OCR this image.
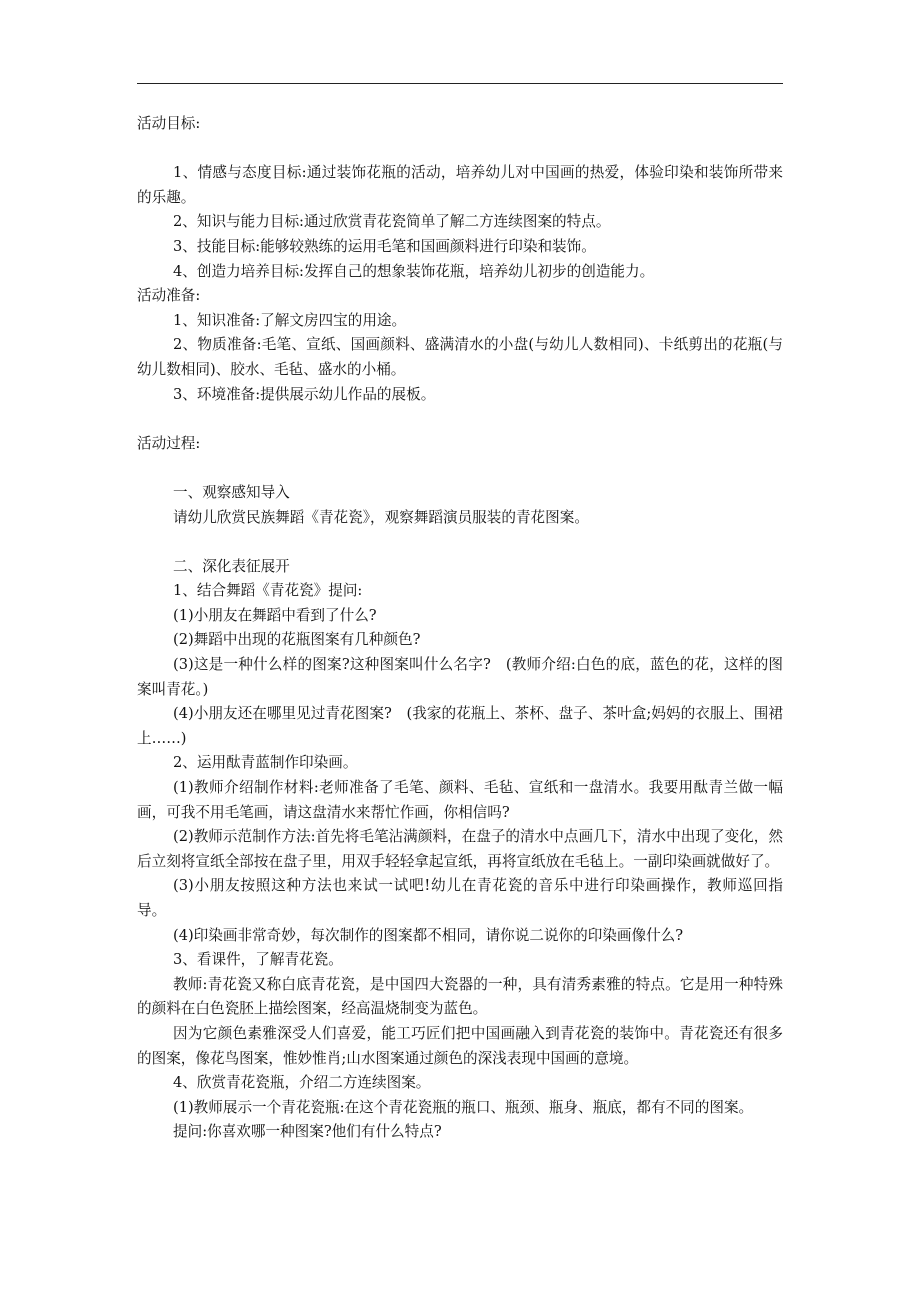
活动目标:

1、情感与态度目标:通过装饰花瓶的活动，培养幼儿对中国画的热爱，体验印染和装饰所带来的乐趣。

2、知识与能力目标:通过欣赏青花瓷简单了解二方连续图案的特点。

3、技能目标:能够较熟练的运用毛笔和国画颜料进行印染和装饰。

4、创造力培养目标:发挥自己的想象装饰花瓶，培养幼儿初步的创造能力。

活动准备:

1、知识准备:了解文房四宝的用途。

2、物质准备:毛笔、宣纸、国画颜料、盛满清水的小盘(与幼儿人数相同)、卡纸剪出的花瓶(与幼儿数相同)、胶水、毛毡、盛水的小桶。

3、环境准备:提供展示幼儿作品的展板。

活动过程:

一、观察感知导入

请幼儿欣赏民族舞蹈《青花瓷》，观察舞蹈演员服装的青花图案。

二、深化表征展开

1、结合舞蹈《青花瓷》提问:

(1)小朋友在舞蹈中看到了什么?

(2)舞蹈中出现的花瓶图案有几种颜色?

(3)这是一种什么样的图案?这种图案叫什么名字?　(教师介绍:白色的底，蓝色的花，这样的图案叫青花。)

(4)小朋友还在哪里见过青花图案?　(我家的花瓶上、茶杯、盘子、茶叶盒;妈妈的衣服上、围裙上……)

2、运用酞青蓝制作印染画。

(1)教师介绍制作材料:老师准备了毛笔、颜料、毛毡、宣纸和一盘清水。我要用酞青兰做一幅画，可我不用毛笔画，请这盘清水来帮忙作画，你相信吗?

(2)教师示范制作方法:首先将毛笔沾满颜料，在盘子的清水中点画几下，清水中出现了变化，然后立刻将宣纸全部按在盘子里，用双手轻轻拿起宣纸，再将宣纸放在毛毡上。一副印染画就做好了。

(3)小朋友按照这种方法也来试一试吧!幼儿在青花瓷的音乐中进行印染画操作，教师巡回指导。

(4)印染画非常奇妙，每次制作的图案都不相同，请你说二说你的印染画像什么?

3、看课件，了解青花瓷。

教师:青花瓷又称白底青花瓷，是中国四大瓷器的一种，具有清秀素雅的特点。它是用一种特殊的颜料在白色瓷胚上描绘图案，经高温烧制变为蓝色。

因为它颜色素雅深受人们喜爱，能工巧匠们把中国画融入到青花瓷的装饰中。青花瓷还有很多的图案，像花鸟图案，惟妙惟肖;山水图案通过颜色的深浅表现中国画的意境。

4、欣赏青花瓷瓶，介绍二方连续图案。

(1)教师展示一个青花瓷瓶:在这个青花瓷瓶的瓶口、瓶颈、瓶身、瓶底，都有不同的图案。

提问:你喜欢哪一种图案?他们有什么特点?
